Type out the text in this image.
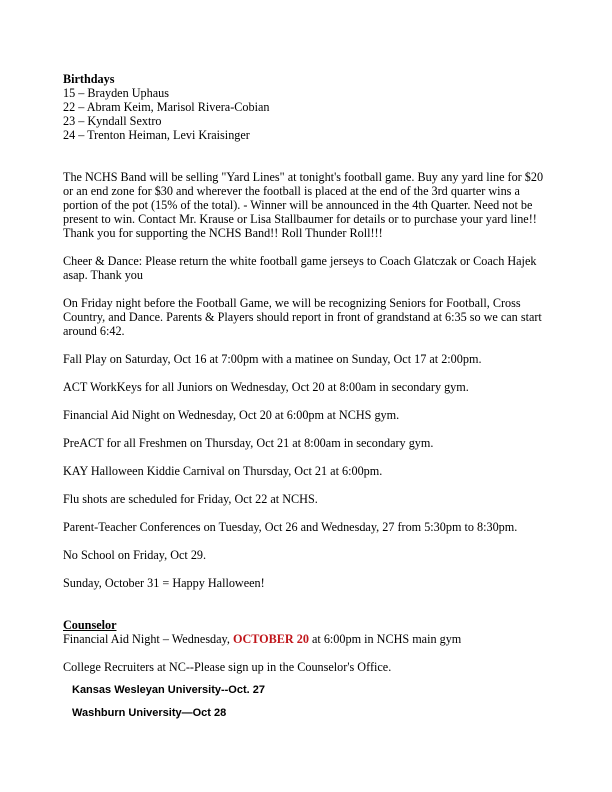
Birthdays
15 – Brayden Uphaus
22 – Abram Keim, Marisol Rivera-Cobian
23 – Kyndall Sextro
24 – Trenton Heiman, Levi Kraisinger
The NCHS Band will be selling "Yard Lines" at tonight's football game. Buy any yard line for $20
or an end zone for $30 and wherever the football is placed at the end of the 3rd quarter wins a
portion of the pot (15% of the total). - Winner will be announced in the 4th Quarter. Need not be
present to win. Contact Mr. Krause or Lisa Stallbaumer for details or to purchase your yard line!!
Thank you for supporting the NCHS Band!! Roll Thunder Roll!!!
Cheer & Dance: Please return the white football game jerseys to Coach Glatczak or Coach Hajek
asap. Thank you
On Friday night before the Football Game, we will be recognizing Seniors for Football, Cross
Country, and Dance. Parents & Players should report in front of grandstand at 6:35 so we can start
around 6:42.
Fall Play on Saturday, Oct 16 at 7:00pm with a matinee on Sunday, Oct 17 at 2:00pm.
ACT WorkKeys for all Juniors on Wednesday, Oct 20 at 8:00am in secondary gym.
Financial Aid Night on Wednesday, Oct 20 at 6:00pm at NCHS gym.
PreACT for all Freshmen on Thursday, Oct 21 at 8:00am in secondary gym.
KAY Halloween Kiddie Carnival on Thursday, Oct 21 at 6:00pm.
Flu shots are scheduled for Friday, Oct 22 at NCHS.
Parent-Teacher Conferences on Tuesday, Oct 26 and Wednesday, 27 from 5:30pm to 8:30pm.
No School on Friday, Oct 29.
Sunday, October 31 = Happy Halloween!
Counselor
Financial Aid Night – Wednesday, OCTOBER 20 at 6:00pm in NCHS main gym
College Recruiters at NC--Please sign up in the Counselor's Office.
Kansas Wesleyan University--Oct. 27
Washburn University—Oct 28
